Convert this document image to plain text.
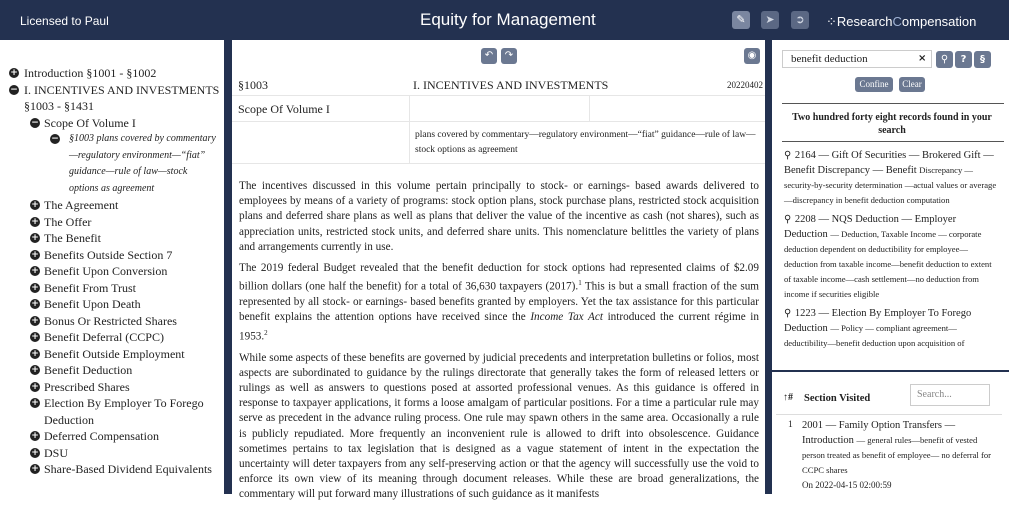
Licensed to Paul	Equity for Management	✎	➤	➲	⁘ResearchCompensation
+ Introduction §1001 - §1002
− I. INCENTIVES AND INVESTMENTS
§1003 - §1431
− Scope Of Volume I
− §1003 plans covered by commentary —regulatory environment—“fiat” guidance—rule of law—stock options as agreement
+ The Agreement
+ The Offer
+ The Benefit
+ Benefits Outside Section 7
+ Benefit Upon Conversion
+ Benefit From Trust
+ Benefit Upon Death
+ Bonus Or Restricted Shares
+ Benefit Deferral (CCPC)
+ Benefit Outside Employment
+ Benefit Deduction
+ Prescribed Shares
+ Election By Employer To Forego Deduction
+ Deferred Compensation
+ DSU
+ Share-Based Dividend Equivalents
↶	↷	◉
§1003	I. INCENTIVES AND INVESTMENTS	20220402
Scope Of Volume I
plans covered by commentary—regulatory environment—“fiat” guidance—rule of law—stock options as agreement

The incentives discussed in this volume pertain principally to stock- or earnings- based awards delivered to employees by means of a variety of programs: stock option plans, stock purchase plans, restricted stock acquisition plans and deferred share plans as well as plans that deliver the value of the incentive as cash (not shares), such as appreciation units, restricted stock units, and deferred share units. This nomenclature belittles the variety of plans and arrangements currently in use.

The 2019 federal Budget revealed that the benefit deduction for stock options had represented claims of $2.09 billion dollars (one half the benefit) for a total of 36,630 taxpayers (2017).$^1$ This is but a small fraction of the sum represented by all stock- or earnings- based benefits granted by employers. Yet the tax assistance for this particular benefit explains the attention options have received since the Income Tax Act introduced the current régime in 1953.$^2$

While some aspects of these benefits are governed by judicial precedents and interpretation bulletins or folios, most aspects are subordinated to guidance by the rulings directorate that generally takes the form of released letters or rulings as well as answers to questions posed at assorted professional venues. As this guidance is offered in response to taxpayer applications, it forms a loose amalgam of particular positions. For a time a particular rule may serve as precedent in the advance ruling process. One rule may spawn others in the same area. Occasionally a rule is publicly repudiated. More frequently an inconvenient rule is allowed to drift into obsolescence. Guidance sometimes pertains to tax legislation that is designed as a vague statement of intent in the expectation the uncertainty will deter taxpayers from any self-preserving action or that the agency will successfully use the void to enforce its own view of its meaning through document releases. While these are broad generalizations, the commentary will put forward many illustrations of such guidance as it manifests

benefit deduction	×	⚲	?	§
Confine	Clear
Two hundred forty eight records found in your search
⚲ 2164 — Gift Of Securities — Brokered Gift — Benefit Discrepancy — Benefit Discrepancy — security-by-security determination —actual values or average—discrepancy in benefit deduction computation
⚲ 2208 — NQS Deduction — Employer Deduction — Deduction, Taxable Income — corporate deduction dependent on deductibility for employee—deduction from taxable income—benefit deduction to extent of taxable income—cash settlement—no deduction from income if securities eligible
⚲ 1223 — Election By Employer To Forego Deduction — Policy — compliant agreement— deductibility—benefit deduction upon acquisition of
↑# Section Visited	Search...
1 2001 — Family Option Transfers — Introduction — general rules—benefit of vested person treated as benefit of employee— no deferral for CCPC shares
On 2022-04-15 02:00:59
